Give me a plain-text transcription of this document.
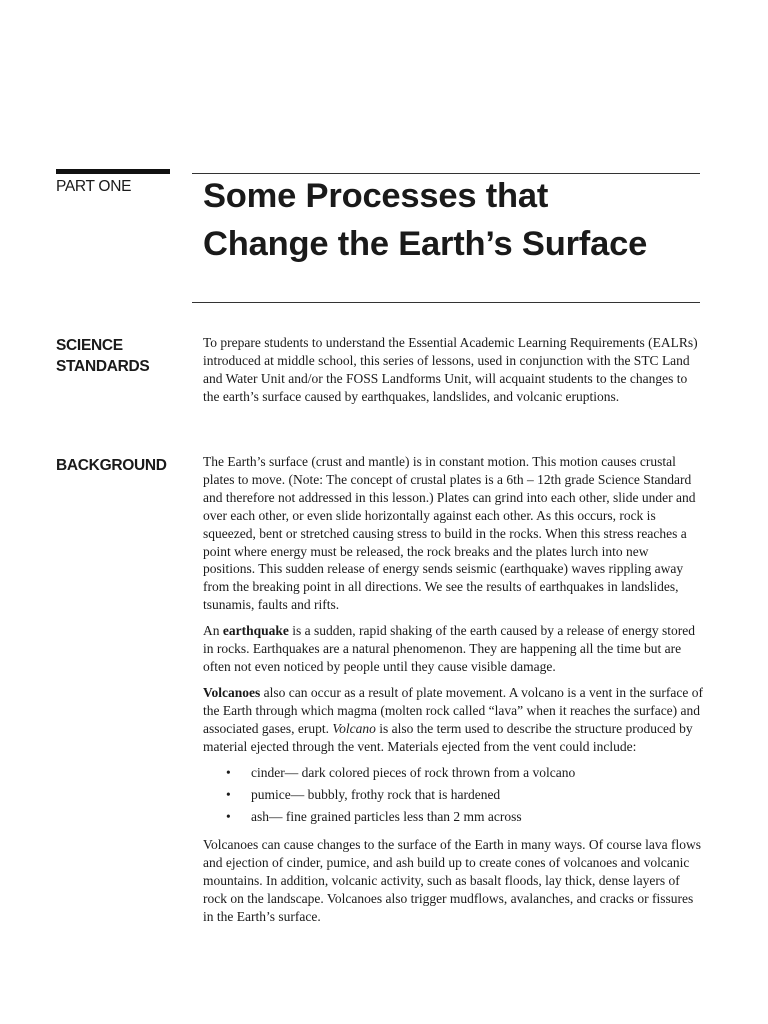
PART ONE Some Processes that
Change the Earth’s Surface
SCIENCE
STANDARDS

To prepare students to understand the Essential Academic Learning Requirements (EALRs) introduced at middle school, this series of lessons, used in conjunction with the STC Land and Water Unit and/or the FOSS Landforms Unit, will acquaint students to the changes to the earth’s surface caused by earthquakes, landslides, and volcanic eruptions.

BACKGROUND	The Earth’s surface (crust and mantle) is in constant motion. This motion causes crustal plates to move. (Note: The concept of crustal plates is a 6th – 12th grade Science Standard and therefore not addressed in this lesson.) Plates can grind into each other, slide under and over each other, or even slide horizontally against each other. As this occurs, rock is squeezed, bent or stretched causing stress to build in the rocks. When this stress reaches a point where energy must be released, the rock breaks and the plates lurch into new positions. This sudden release of energy sends seismic (earthquake) waves rippling away from the breaking point in all directions. We see the results of earthquakes in landslides, tsunamis, faults and rifts.

An earthquake is a sudden, rapid shaking of the earth caused by a release of energy stored in rocks. Earthquakes are a natural phenomenon. They are happening all the time but are often not even noticed by people until they cause visible damage.

Volcanoes also can occur as a result of plate movement. A volcano is a vent in the surface of the Earth through which magma (molten rock called “lava” when it reaches the surface) and associated gases, erupt. Volcano is also the term used to describe the structure produced by material ejected through the vent. Materials ejected from the vent could include:

• cinder— dark colored pieces of rock thrown from a volcano
• pumice— bubbly, frothy rock that is hardened
• ash— fine grained particles less than 2 mm across

Volcanoes can cause changes to the surface of the Earth in many ways. Of course lava flows and ejection of cinder, pumice, and ash build up to create cones of volcanoes and volcanic mountains. In addition, volcanic activity, such as basalt floods, lay thick, dense layers of rock on the landscape. Volcanoes also trigger mudflows, avalanches, and cracks or fissures in the Earth’s surface.
